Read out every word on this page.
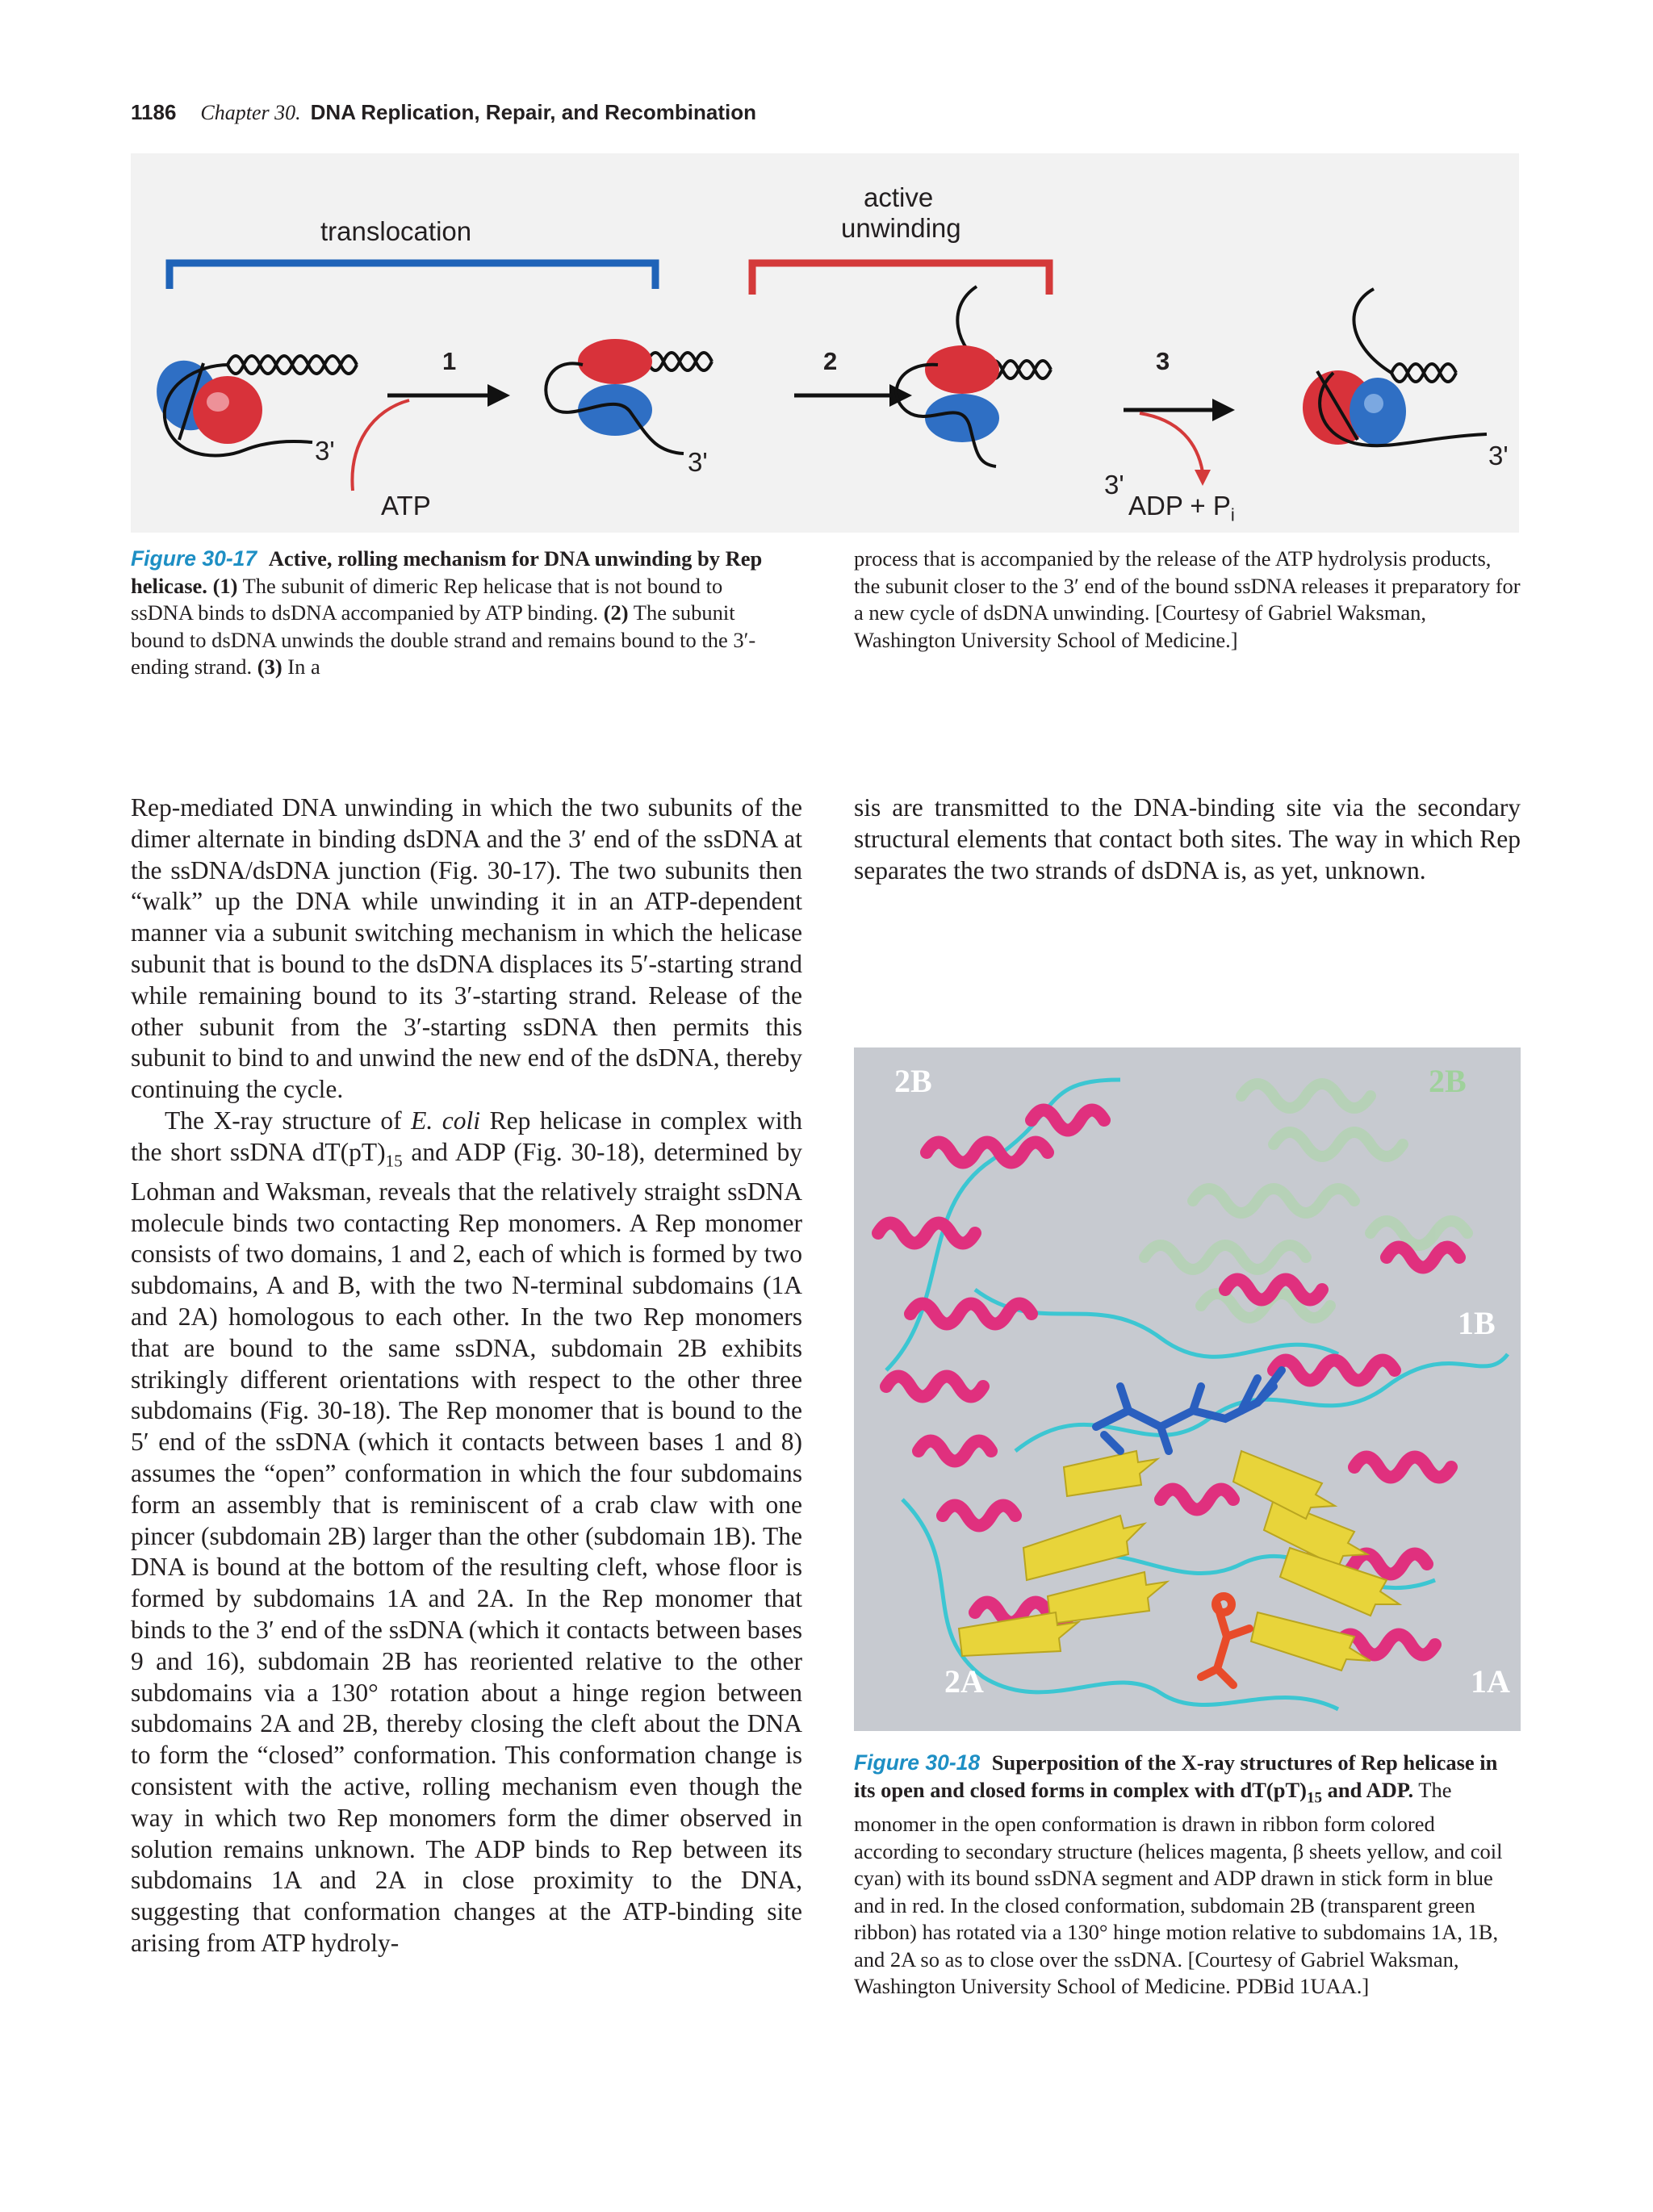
1186 Chapter 30. DNA Replication, Repair, and Recombination
translocation
active
unwinding
1	2	3
3'	3'
3'
3'
ATP	ADP + $P_i$

Figure 30-17 Active, rolling mechanism for DNA unwinding by Rep helicase. (1) The subunit of dimeric Rep helicase that is not bound to ssDNA binds to dsDNA accompanied by ATP binding. (2) The subunit bound to dsDNA unwinds the double strand and remains bound to the 3′-ending strand. (3) In a

process that is accompanied by the release of the ATP hydrolysis products, the subunit closer to the 3′ end of the bound ssDNA releases it preparatory for a new cycle of dsDNA unwinding. [Courtesy of Gabriel Waksman, Washington University School of Medicine.]

Rep-mediated DNA unwinding in which the two subunits of the dimer alternate in binding dsDNA and the 3′ end of the ssDNA at the ssDNA/dsDNA junction (Fig. 30-17). The two subunits then “walk” up the DNA while unwinding it in an ATP-dependent manner via a subunit switching mechanism in which the helicase subunit that is bound to the dsDNA displaces its 5′-starting strand while remaining bound to its 3′-starting strand. Release of the other subunit from the 3′-starting ssDNA then permits this subunit to bind to and unwind the new end of the dsDNA, thereby continuing the cycle.

The X-ray structure of E. coli Rep helicase in complex with the short ssDNA $dT(pT)_{15}$ and ADP (Fig. 30-18), determined by Lohman and Waksman, reveals that the relatively straight ssDNA molecule binds two contacting Rep monomers. A Rep monomer consists of two domains, 1 and 2, each of which is formed by two subdomains, A and B, with the two N-terminal subdomains (1A and 2A) homologous to each other. In the two Rep monomers that are bound to the same ssDNA, subdomain 2B exhibits strikingly different orientations with respect to the other three subdomains (Fig. 30-18). The Rep monomer that is bound to the 5′ end of the ssDNA (which it contacts between bases 1 and 8) assumes the “open” conformation in which the four subdomains form an assembly that is reminiscent of a crab claw with one pincer (subdomain 2B) larger than the other (subdomain 1B). The DNA is bound at the bottom of the resulting cleft, whose floor is formed by subdomains 1A and 2A. In the Rep monomer that binds to the 3′ end of the ssDNA (which it contacts between bases 9 and 16), subdomain 2B has reoriented relative to the other subdomains via a 130° rotation about a hinge region between subdomains 2A and 2B, thereby closing the cleft about the DNA to form the “closed” conformation. This conformation change is consistent with the active, rolling mechanism even though the way in which two Rep monomers form the dimer observed in solution remains unknown. The ADP binds to Rep between its subdomains 1A and 2A in close proximity to the DNA, suggesting that conformation changes at the ATP-binding site arising from ATP hydroly-

sis are transmitted to the DNA-binding site via the secondary structural elements that contact both sites. The way in which Rep separates the two strands of dsDNA is, as yet, unknown.

2B	2B
1B
2A	1A

Figure 30-18 Superposition of the X-ray structures of Rep helicase in its open and closed forms in complex with $dT(pT)_{15}$ and ADP. The monomer in the open conformation is drawn in ribbon form colored according to secondary structure (helices magenta, β sheets yellow, and coil cyan) with its bound ssDNA segment and ADP drawn in stick form in blue and in red. In the closed conformation, subdomain 2B (transparent green ribbon) has rotated via a 130° hinge motion relative to subdomains 1A, 1B, and 2A so as to close over the ssDNA. [Courtesy of Gabriel Waksman, Washington University School of Medicine. PDBid 1UAA.]
